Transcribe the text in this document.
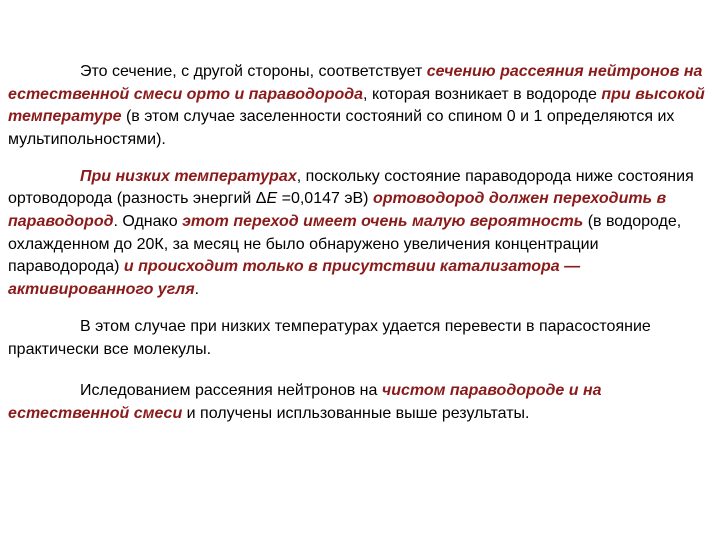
Это сечение, с другой стороны, соответствует сечению рассеяния нейтронов на естественной смеси орто и параводорода, которая возникает в водороде при высокой температуре (в этом случае заселенности состояний со спином 0 и 1 определяются их мультипольностями).

При низких температурах, поскольку состояние параводорода ниже состояния ортоводорода (разность энергий ΔE =0,0147 эВ) ортоводород должен переходить в параводород. Однако этот переход имеет очень малую вероятность (в водороде, охлажденном до 20К, за месяц не было обнаружено увеличения концентрации параводорода) и происходит только в присутствии катализатора — активированного угля.

В этом случае при низких температурах удается перевести в парасостояние практически все молекулы.

Иследованием рассеяния нейтронов на чистом параводороде и на естественной смеси и получены испльзованные выше результаты.
